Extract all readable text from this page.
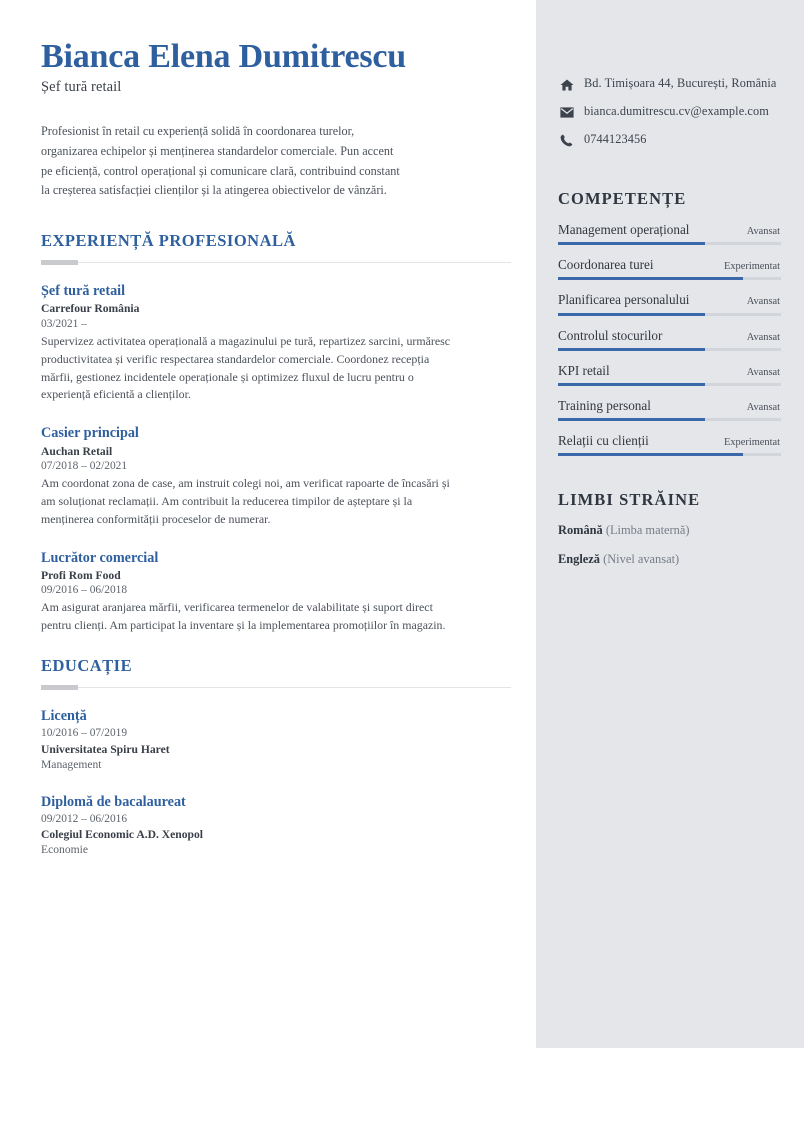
Bd. Timișoara 44, București, România
bianca.dumitrescu.cv@example.com
0744123456
COMPETENȚE
Management operațional	Avansat
Coordonarea turei	Experimentat
Planificarea personalului	Avansat
Controlul stocurilor	Avansat
KPI retail	Avansat
Training personal	Avansat
Relații cu clienții	Experimentat
LIMBI STRĂINE
Română (Limba maternă)
Engleză (Nivel avansat)
Bianca Elena Dumitrescu
Șef tură retail
Profesionist în retail cu experiență solidă în coordonarea turelor,
organizarea echipelor și menținerea standardelor comerciale. Pun accent
pe eficiență, control operațional și comunicare clară, contribuind constant
la creșterea satisfacției clienților și la atingerea obiectivelor de vânzări.
EXPERIENȚĂ PROFESIONALĂ
Șef tură retail
Carrefour România
03/2021 –
Supervizez activitatea operațională a magazinului pe tură, repartizez sarcini, urmăresc
productivitatea și verific respectarea standardelor comerciale. Coordonez recepția
mărfii, gestionez incidentele operaționale și optimizez fluxul de lucru pentru o
experiență eficientă a clienților.
Casier principal
Auchan Retail
07/2018 – 02/2021
Am coordonat zona de case, am instruit colegi noi, am verificat rapoarte de încasări și
am soluționat reclamații. Am contribuit la reducerea timpilor de așteptare și la
menținerea conformității proceselor de numerar.
Lucrător comercial
Profi Rom Food
09/2016 – 06/2018
Am asigurat aranjarea mărfii, verificarea termenelor de valabilitate și suport direct
pentru clienți. Am participat la inventare și la implementarea promoțiilor în magazin.
EDUCAȚIE
Licență
10/2016 – 07/2019
Universitatea Spiru Haret
Management
Diplomă de bacalaureat
09/2012 – 06/2016
Colegiul Economic A.D. Xenopol
Economie
